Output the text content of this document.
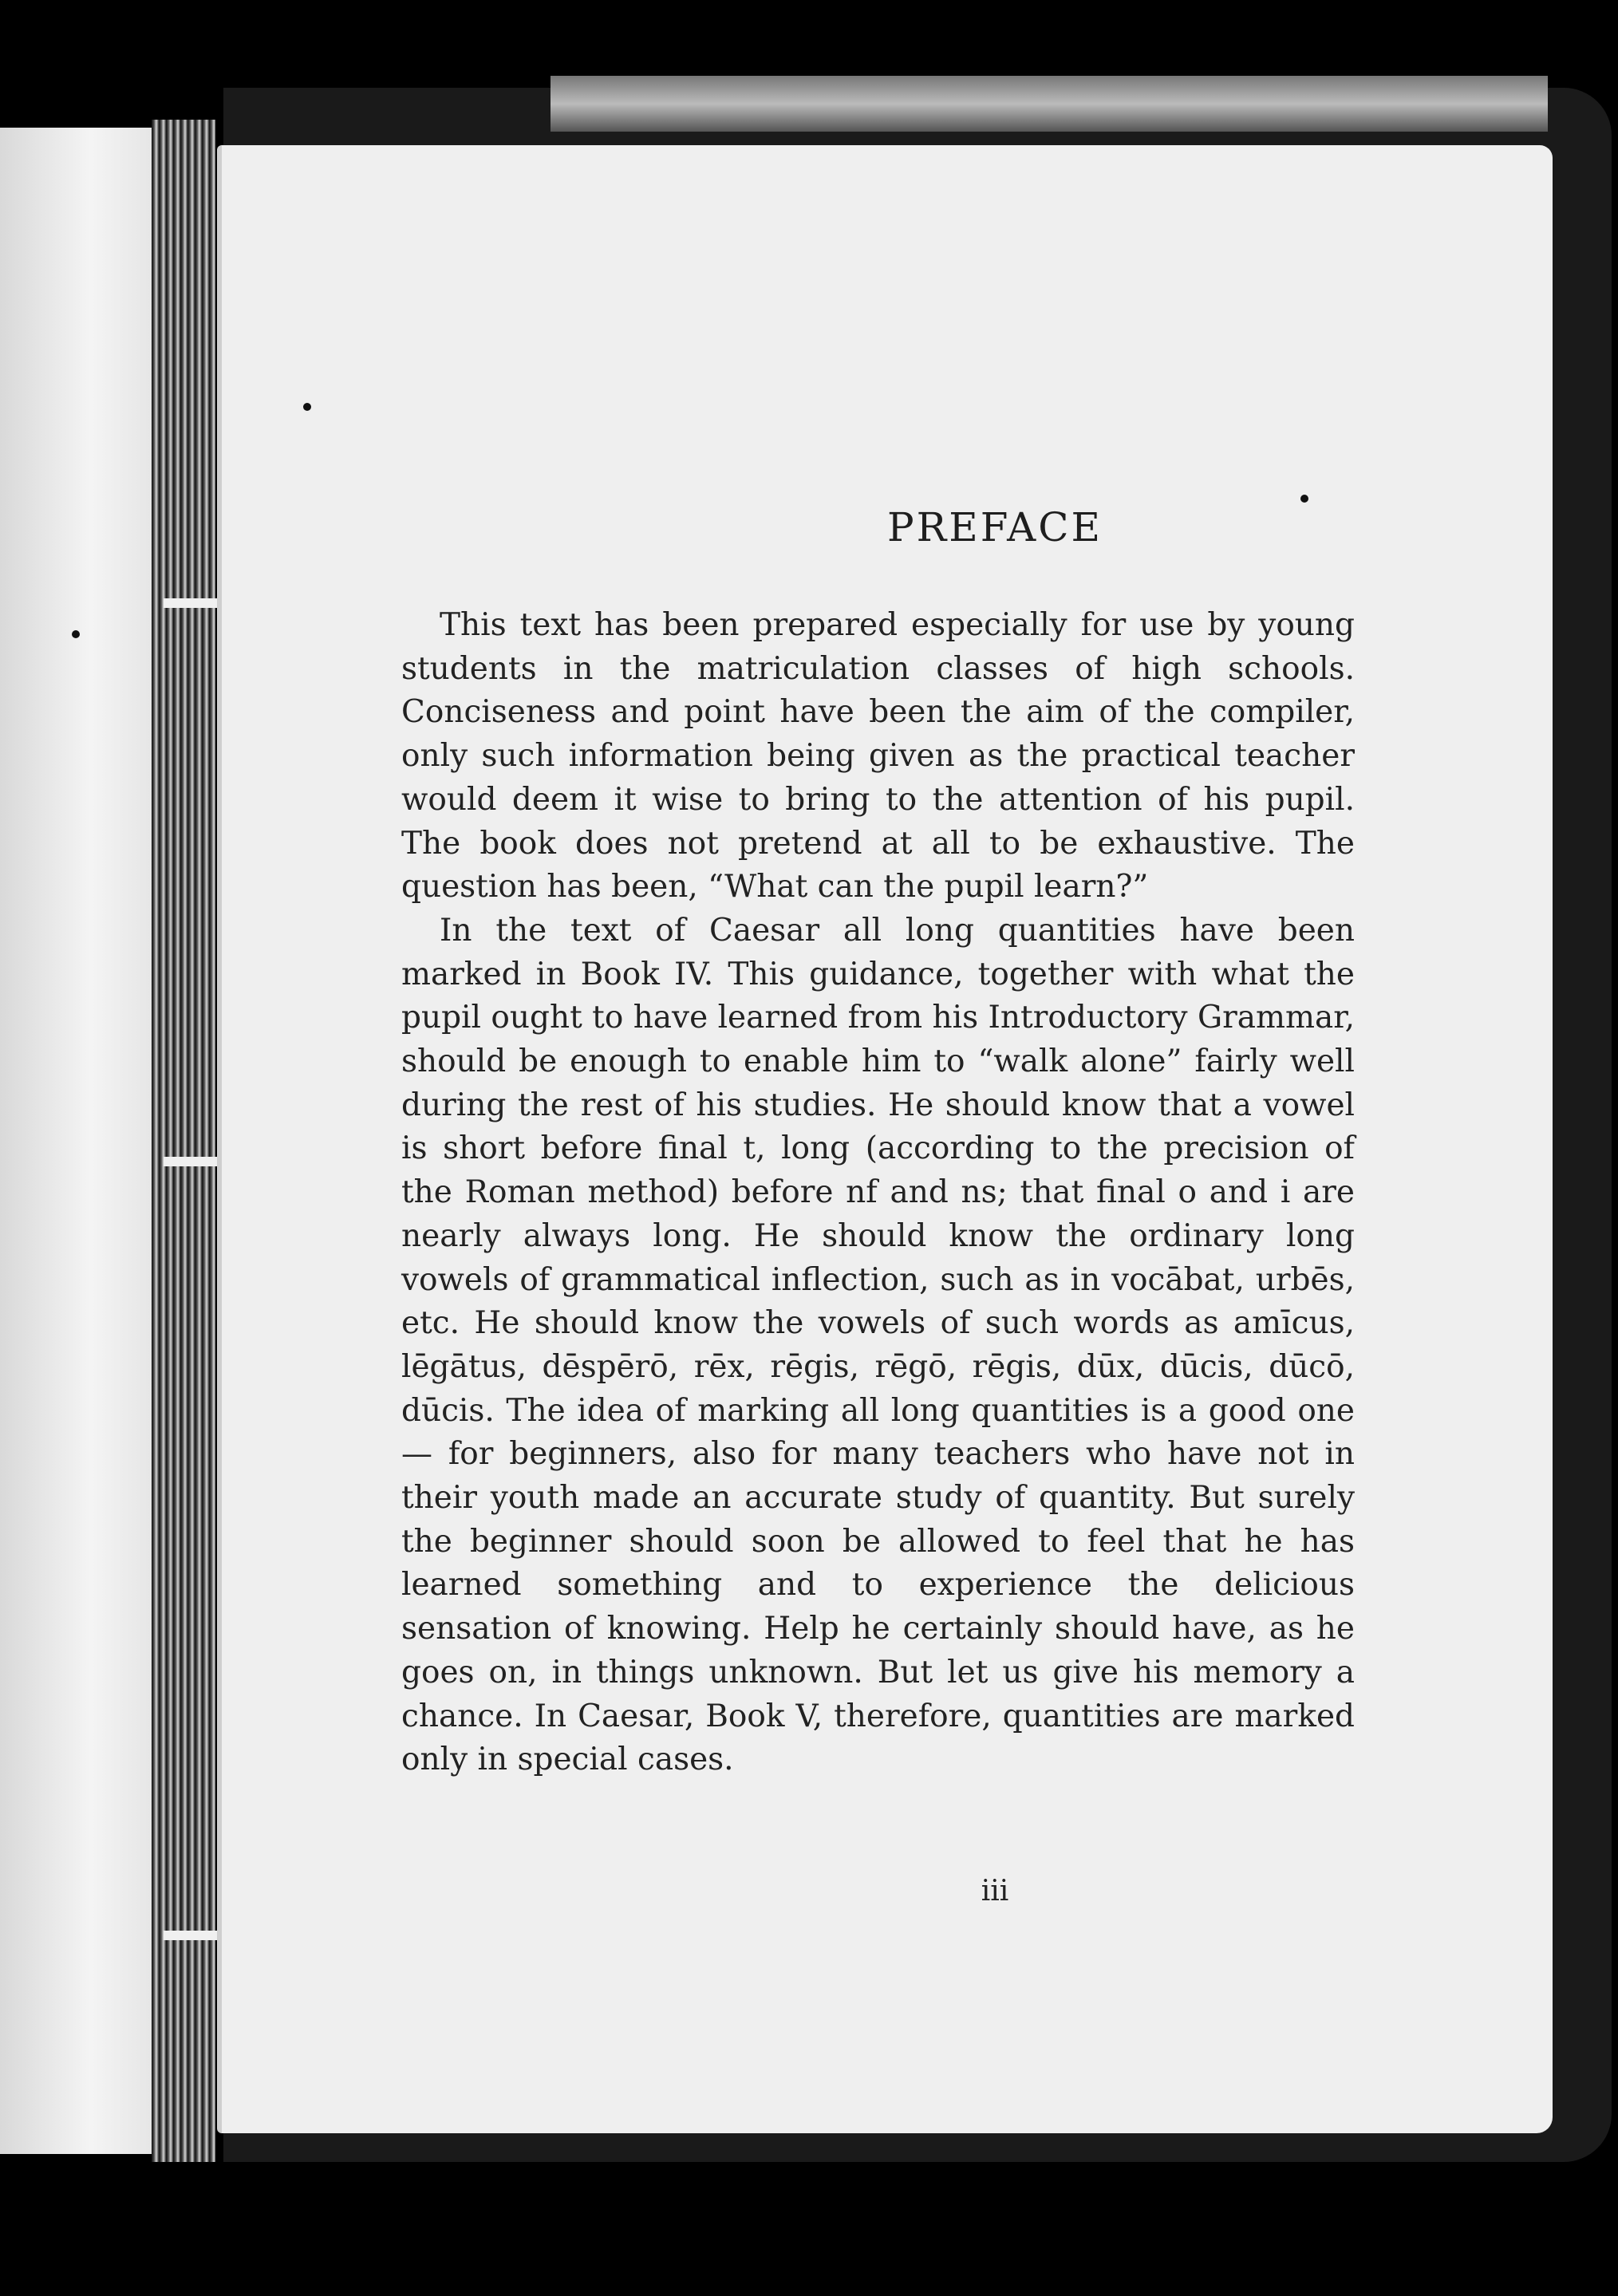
PREFACE

This text has been prepared especially for use by young students in the matriculation classes of high schools. Conciseness and point have been the aim of the compiler, only such information being given as the practical teacher would deem it wise to bring to the attention of his pupil. The book does not pretend at all to be exhaustive. The question has been, “What can the pupil learn?”

In the text of Caesar all long quantities have been marked in Book IV. This guidance, together with what the pupil ought to have learned from his Introductory Grammar, should be enough to enable him to “walk alone” fairly well during the rest of his studies. He should know that a vowel is short before final t, long (according to the precision of the Roman method) before nf and ns; that final o and i are nearly always long. He should know the ordinary long vowels of grammatical inflection, such as in vocābat, urbēs, etc. He should know the vowels of such words as amīcus, lēgātus, dēspērō, rēx, rēgis, rēgō, rēgis, dūx, dūcis, dūcō, dūcis. The idea of marking all long quantities is a good one — for beginners, also for many teachers who have not in their youth made an accurate study of quantity. But surely the beginner should soon be allowed to feel that he has learned something and to experience the delicious sensation of knowing. Help he certainly should have, as he goes on, in things unknown. But let us give his memory a chance. In Caesar, Book V, therefore, quantities are marked only in special cases.

iii
